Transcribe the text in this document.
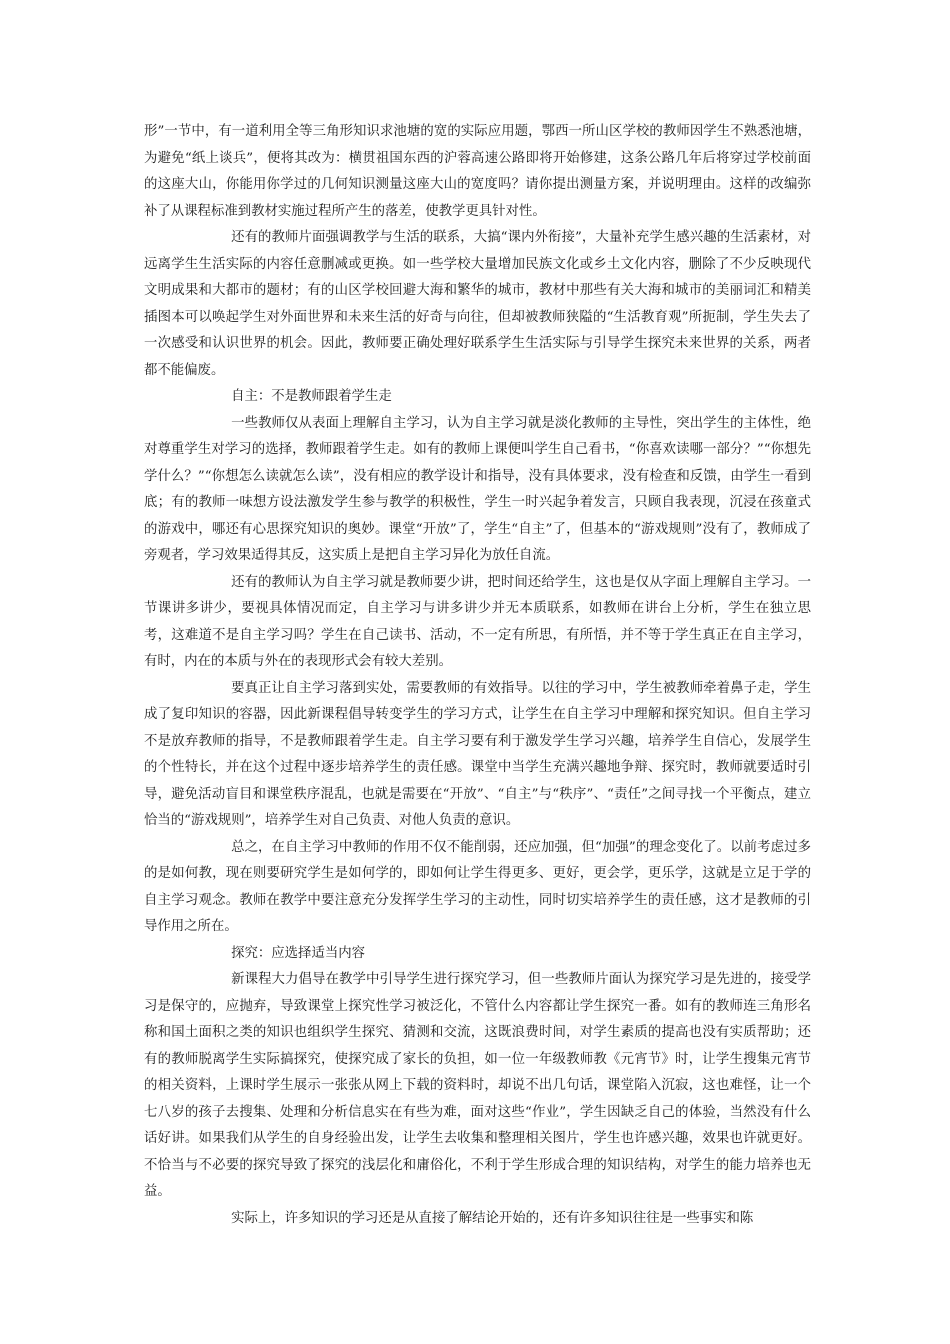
形”一节中，有一道利用全等三角形知识求池塘的宽的实际应用题，鄂西一所山区学校的教师因学生不熟悉池塘，为避免“纸上谈兵”，便将其改为：横贯祖国东西的沪蓉高速公路即将开始修建，这条公路几年后将穿过学校前面的这座大山，你能用你学过的几何知识测量这座大山的宽度吗？请你提出测量方案，并说明理由。这样的改编弥补了从课程标准到教材实施过程所产生的落差，使教学更具针对性。

还有的教师片面强调教学与生活的联系，大搞“课内外衔接”，大量补充学生感兴趣的生活素材，对远离学生生活实际的内容任意删减或更换。如一些学校大量增加民族文化或乡土文化内容，删除了不少反映现代文明成果和大都市的题材；有的山区学校回避大海和繁华的城市，教材中那些有关大海和城市的美丽词汇和精美插图本可以唤起学生对外面世界和未来生活的好奇与向往，但却被教师狭隘的“生活教育观”所扼制，学生失去了一次感受和认识世界的机会。因此，教师要正确处理好联系学生生活实际与引导学生探究未来世界的关系，两者都不能偏废。

自主：不是教师跟着学生走

一些教师仅从表面上理解自主学习，认为自主学习就是淡化教师的主导性，突出学生的主体性，绝对尊重学生对学习的选择，教师跟着学生走。如有的教师上课便叫学生自己看书，“你喜欢读哪一部分？”“你想先学什么？”“你想怎么读就怎么读”，没有相应的教学设计和指导，没有具体要求，没有检查和反馈，由学生一看到底；有的教师一味想方设法激发学生参与教学的积极性，学生一时兴起争着发言，只顾自我表现，沉浸在孩童式的游戏中，哪还有心思探究知识的奥妙。课堂“开放”了，学生“自主”了，但基本的“游戏规则”没有了，教师成了旁观者，学习效果适得其反，这实质上是把自主学习异化为放任自流。

还有的教师认为自主学习就是教师要少讲，把时间还给学生，这也是仅从字面上理解自主学习。一节课讲多讲少，要视具体情况而定，自主学习与讲多讲少并无本质联系，如教师在讲台上分析，学生在独立思考，这难道不是自主学习吗？学生在自己读书、活动，不一定有所思，有所悟，并不等于学生真正在自主学习，有时，内在的本质与外在的表现形式会有较大差别。

要真正让自主学习落到实处，需要教师的有效指导。以往的学习中，学生被教师牵着鼻子走，学生成了复印知识的容器，因此新课程倡导转变学生的学习方式，让学生在自主学习中理解和探究知识。但自主学习不是放弃教师的指导，不是教师跟着学生走。自主学习要有利于激发学生学习兴趣，培养学生自信心，发展学生的个性特长，并在这个过程中逐步培养学生的责任感。课堂中当学生充满兴趣地争辩、探究时，教师就要适时引导，避免活动盲目和课堂秩序混乱，也就是需要在“开放”、“自主”与“秩序”、“责任”之间寻找一个平衡点，建立恰当的“游戏规则”，培养学生对自己负责、对他人负责的意识。

总之，在自主学习中教师的作用不仅不能削弱，还应加强，但“加强”的理念变化了。以前考虑过多的是如何教，现在则要研究学生是如何学的，即如何让学生得更多、更好，更会学，更乐学，这就是立足于学的自主学习观念。教师在教学中要注意充分发挥学生学习的主动性，同时切实培养学生的责任感，这才是教师的引导作用之所在。

探究：应选择适当内容

新课程大力倡导在教学中引导学生进行探究学习，但一些教师片面认为探究学习是先进的，接受学习是保守的，应抛弃，导致课堂上探究性学习被泛化，不管什么内容都让学生探究一番。如有的教师连三角形名称和国土面积之类的知识也组织学生探究、猜测和交流，这既浪费时间，对学生素质的提高也没有实质帮助；还有的教师脱离学生实际搞探究，使探究成了家长的负担，如一位一年级教师教《元宵节》时，让学生搜集元宵节的相关资料，上课时学生展示一张张从网上下载的资料时，却说不出几句话，课堂陷入沉寂，这也难怪，让一个七八岁的孩子去搜集、处理和分析信息实在有些为难，面对这些“作业”，学生因缺乏自己的体验，当然没有什么话好讲。如果我们从学生的自身经验出发，让学生去收集和整理相关图片，学生也许感兴趣，效果也许就更好。不恰当与不必要的探究导致了探究的浅层化和庸俗化，不利于学生形成合理的知识结构，对学生的能力培养也无益。

实际上，许多知识的学习还是从直接了解结论开始的，还有许多知识往往是一些事实和陈
